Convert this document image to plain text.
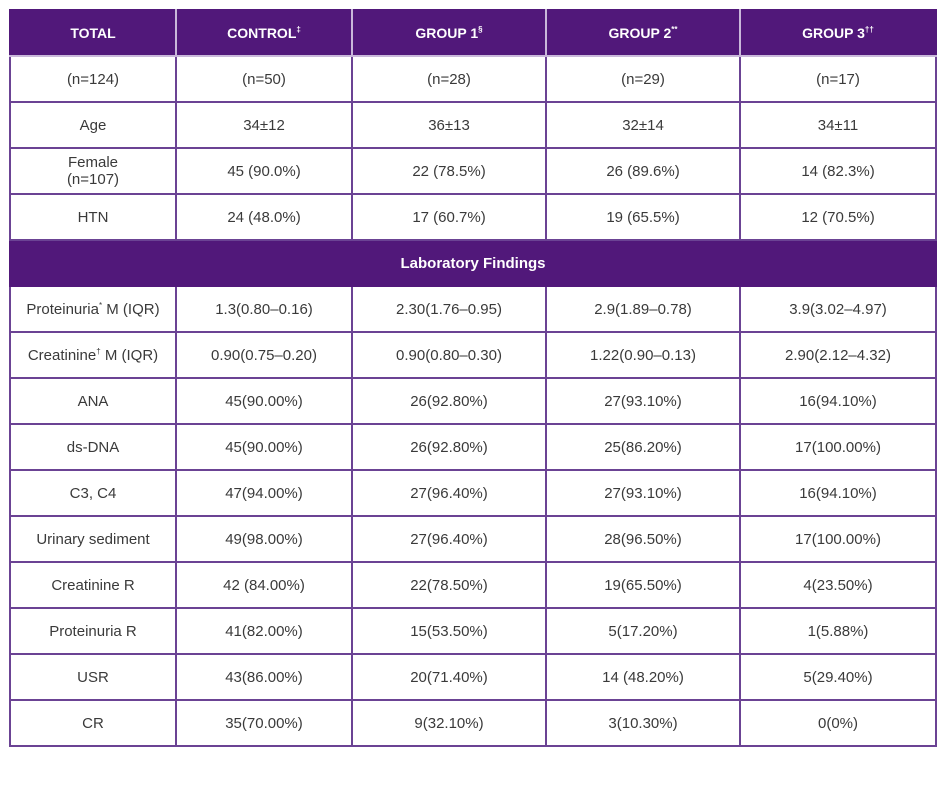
TOTAL	CONTROL‡	GROUP 1§	GROUP 2**	GROUP 3††
(n=124)	(n=50)	(n=28)	(n=29)	(n=17)
Age	34±12	36±13	32±14	34±11
Female
(n=107)	45 (90.0%)	22 (78.5%)	26 (89.6%)	14 (82.3%)
HTN	24 (48.0%)	17 (60.7%)	19 (65.5%)	12 (70.5%)
Laboratory Findings				
Proteinuria* M (IQR)	1.3(0.80–0.16)	2.30(1.76–0.95)	2.9(1.89–0.78)	3.9(3.02–4.97)
Creatinine† M (IQR)	0.90(0.75–0.20)	0.90(0.80–0.30)	1.22(0.90–0.13)	2.90(2.12–4.32)
ANA	45(90.00%)	26(92.80%)	27(93.10%)	16(94.10%)
ds-DNA	45(90.00%)	26(92.80%)	25(86.20%)	17(100.00%)
C3, C4	47(94.00%)	27(96.40%)	27(93.10%)	16(94.10%)
Urinary sediment	49(98.00%)	27(96.40%)	28(96.50%)	17(100.00%)
Creatinine R	42 (84.00%)	22(78.50%)	19(65.50%)	4(23.50%)
Proteinuria R	41(82.00%)	15(53.50%)	5(17.20%)	1(5.88%)
USR	43(86.00%)	20(71.40%)	14 (48.20%)	5(29.40%)
CR	35(70.00%)	9(32.10%)	3(10.30%)	0(0%)
